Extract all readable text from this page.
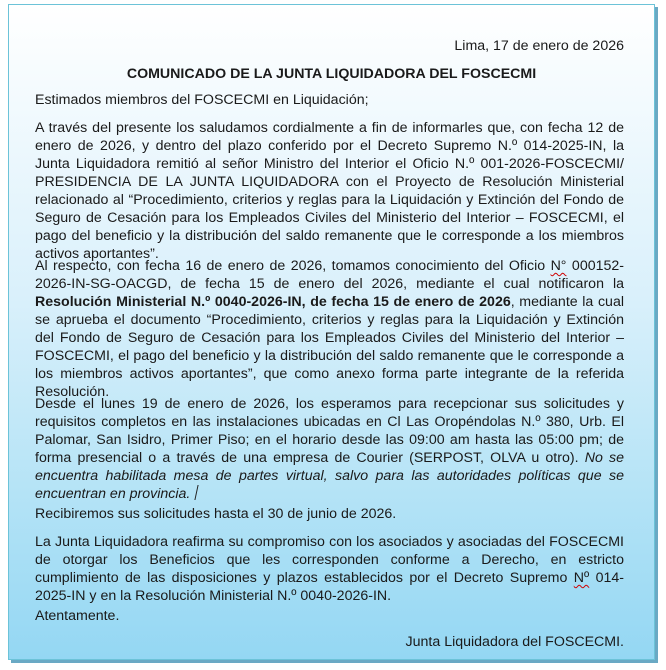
Lima, 17 de enero de 2026
COMUNICADO DE LA JUNTA LIQUIDADORA DEL FOSCECMI
Estimados miembros del FOSCECMI en Liquidación;
A través del presente los saludamos cordialmente a fin de informarles que, con fecha 12 de enero de 2026, y dentro del plazo conferido por el Decreto Supremo N.º 014-2025-IN, la Junta Liquidadora remitió al señor Ministro del Interior el Oficio N.º 001-2026-FOSCECMI/ PRESIDENCIA DE LA JUNTA LIQUIDADORA con el Proyecto de Resolución Ministerial relacionado al “Procedimiento, criterios y reglas para la Liquidación y Extinción del Fondo de Seguro de Cesación para los Empleados Civiles del Ministerio del Interior – FOSCECMI, el pago del beneficio y la distribución del saldo remanente que le corresponde a los miembros activos aportantes”.
Al respecto, con fecha 16 de enero de 2026, tomamos conocimiento del Oficio N° 000152-2026-IN-SG-OACGD, de fecha 15 de enero del 2026, mediante el cual notificaron la Resolución Ministerial N.º 0040-2026-IN, de fecha 15 de enero de 2026, mediante la cual se aprueba el documento “Procedimiento, criterios y reglas para la Liquidación y Extinción del Fondo de Seguro de Cesación para los Empleados Civiles del Ministerio del Interior – FOSCECMI, el pago del beneficio y la distribución del saldo remanente que le corresponde a los miembros activos aportantes”, que como anexo forma parte integrante de la referida Resolución.
Desde el lunes 19 de enero de 2026, los esperamos para recepcionar sus solicitudes y requisitos completos en las instalaciones ubicadas en Cl Las Oropéndolas N.º 380, Urb. El Palomar, San Isidro, Primer Piso; en el horario desde las 09:00 am hasta las 05:00 pm; de forma presencial o a través de una empresa de Courier (SERPOST, OLVA u otro). No se encuentra habilitada mesa de partes virtual, salvo para las autoridades políticas que se encuentran en provincia.
Recibiremos sus solicitudes hasta el 30 de junio de 2026.
La Junta Liquidadora reafirma su compromiso con los asociados y asociadas del FOSCECMI de otorgar los Beneficios que les corresponden conforme a Derecho, en estricto cumplimiento de las disposiciones y plazos establecidos por el Decreto Supremo Nº 014-2025-IN y en la Resolución Ministerial N.º 0040-2026-IN.
Atentamente.
Junta Liquidadora del FOSCECMI.
